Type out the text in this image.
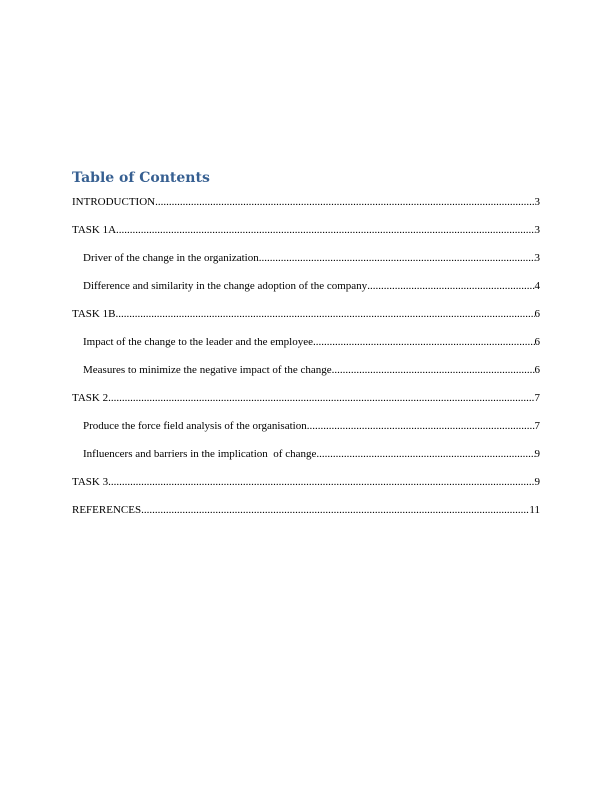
Table of Contents
INTRODUCTION .....	3
TASK 1A .....	3
Driver of the change in the organization .....	3
Difference and similarity in the change adoption of the company .....	4
TASK 1B .....	6
Impact of the change to the leader and the employee .....	6
Measures to minimize the negative impact of the change .....	6
TASK 2 .....	7
Produce the force field analysis of the organisation .....	7
Influencers and barriers in the implication  of change .....	9
TASK 3 .....	9
REFERENCES .....	11
